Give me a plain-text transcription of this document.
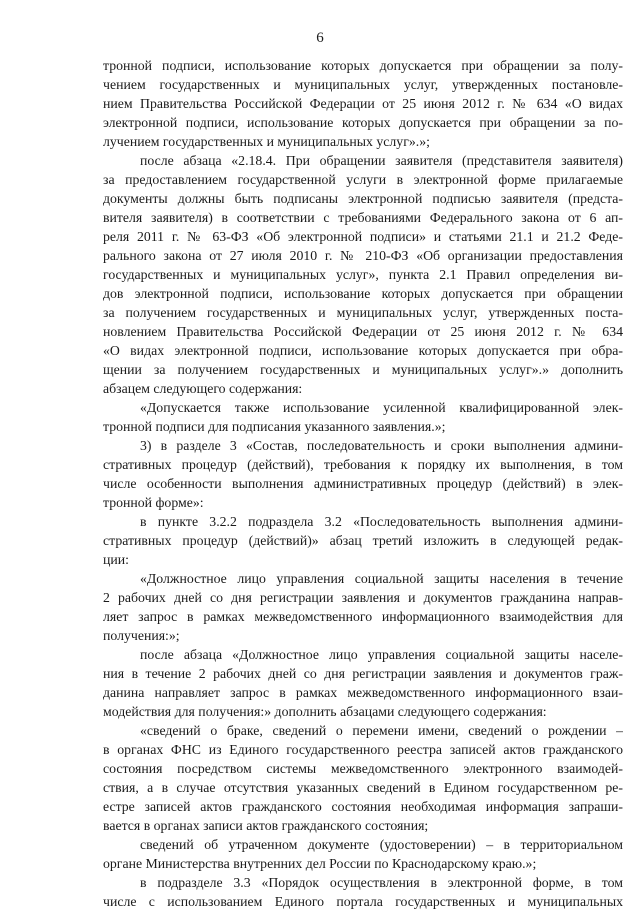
6
тронной подписи, использование которых допускается при обращении за полу-
чением государственных и муниципальных услуг, утвержденных постановле-
нием Правительства Российской Федерации от 25 июня 2012 г. № 634 «О видах
электронной подписи, использование которых допускается при обращении за по-
лучением государственных и муниципальных услуг».»;
после абзаца «2.18.4. При обращении заявителя (представителя заявителя)
за предоставлением государственной услуги в электронной форме прилагаемые
документы должны быть подписаны электронной подписью заявителя (предста-
вителя заявителя) в соответствии с требованиями Федерального закона от 6 ап-
реля 2011 г. № 63-ФЗ «Об электронной подписи» и статьями 21.1 и 21.2 Феде-
рального закона от 27 июля 2010 г. № 210-ФЗ «Об организации предоставления
государственных и муниципальных услуг», пункта 2.1 Правил определения ви-
дов электронной подписи, использование которых допускается при обращении
за получением государственных и муниципальных услуг, утвержденных поста-
новлением Правительства Российской Федерации от 25 июня 2012 г. № 634
«О видах электронной подписи, использование которых допускается при обра-
щении за получением государственных и муниципальных услуг».» дополнить
абзацем следующего содержания:
«Допускается также использование усиленной квалифицированной элек-
тронной подписи для подписания указанного заявления.»;
3) в разделе 3 «Состав, последовательность и сроки выполнения админи-
стративных процедур (действий), требования к порядку их выполнения, в том
числе особенности выполнения административных процедур (действий) в элек-
тронной форме»:
в пункте 3.2.2 подраздела 3.2 «Последовательность выполнения админи-
стративных процедур (действий)» абзац третий изложить в следующей редак-
ции:
«Должностное лицо управления социальной защиты населения в течение
2 рабочих дней со дня регистрации заявления и документов гражданина направ-
ляет запрос в рамках межведомственного информационного взаимодействия для
получения:»;
после абзаца «Должностное лицо управления социальной защиты населе-
ния в течение 2 рабочих дней со дня регистрации заявления и документов граж-
данина направляет запрос в рамках межведомственного информационного взаи-
модействия для получения:» дополнить абзацами следующего содержания:
«сведений о браке, сведений о перемени имени, сведений о рождении –
в органах ФНС из Единого государственного реестра записей актов гражданского
состояния посредством системы межведомственного электронного взаимодей-
ствия, а в случае отсутствия указанных сведений в Едином государственном ре-
естре записей актов гражданского состояния необходимая информация запраши-
вается в органах записи актов гражданского состояния;
сведений об утраченном документе (удостоверении) – в территориальном
органе Министерства внутренних дел России по Краснодарскому краю.»;
в подразделе 3.3 «Порядок осуществления в электронной форме, в том
числе с использованием Единого портала государственных и муниципальных
